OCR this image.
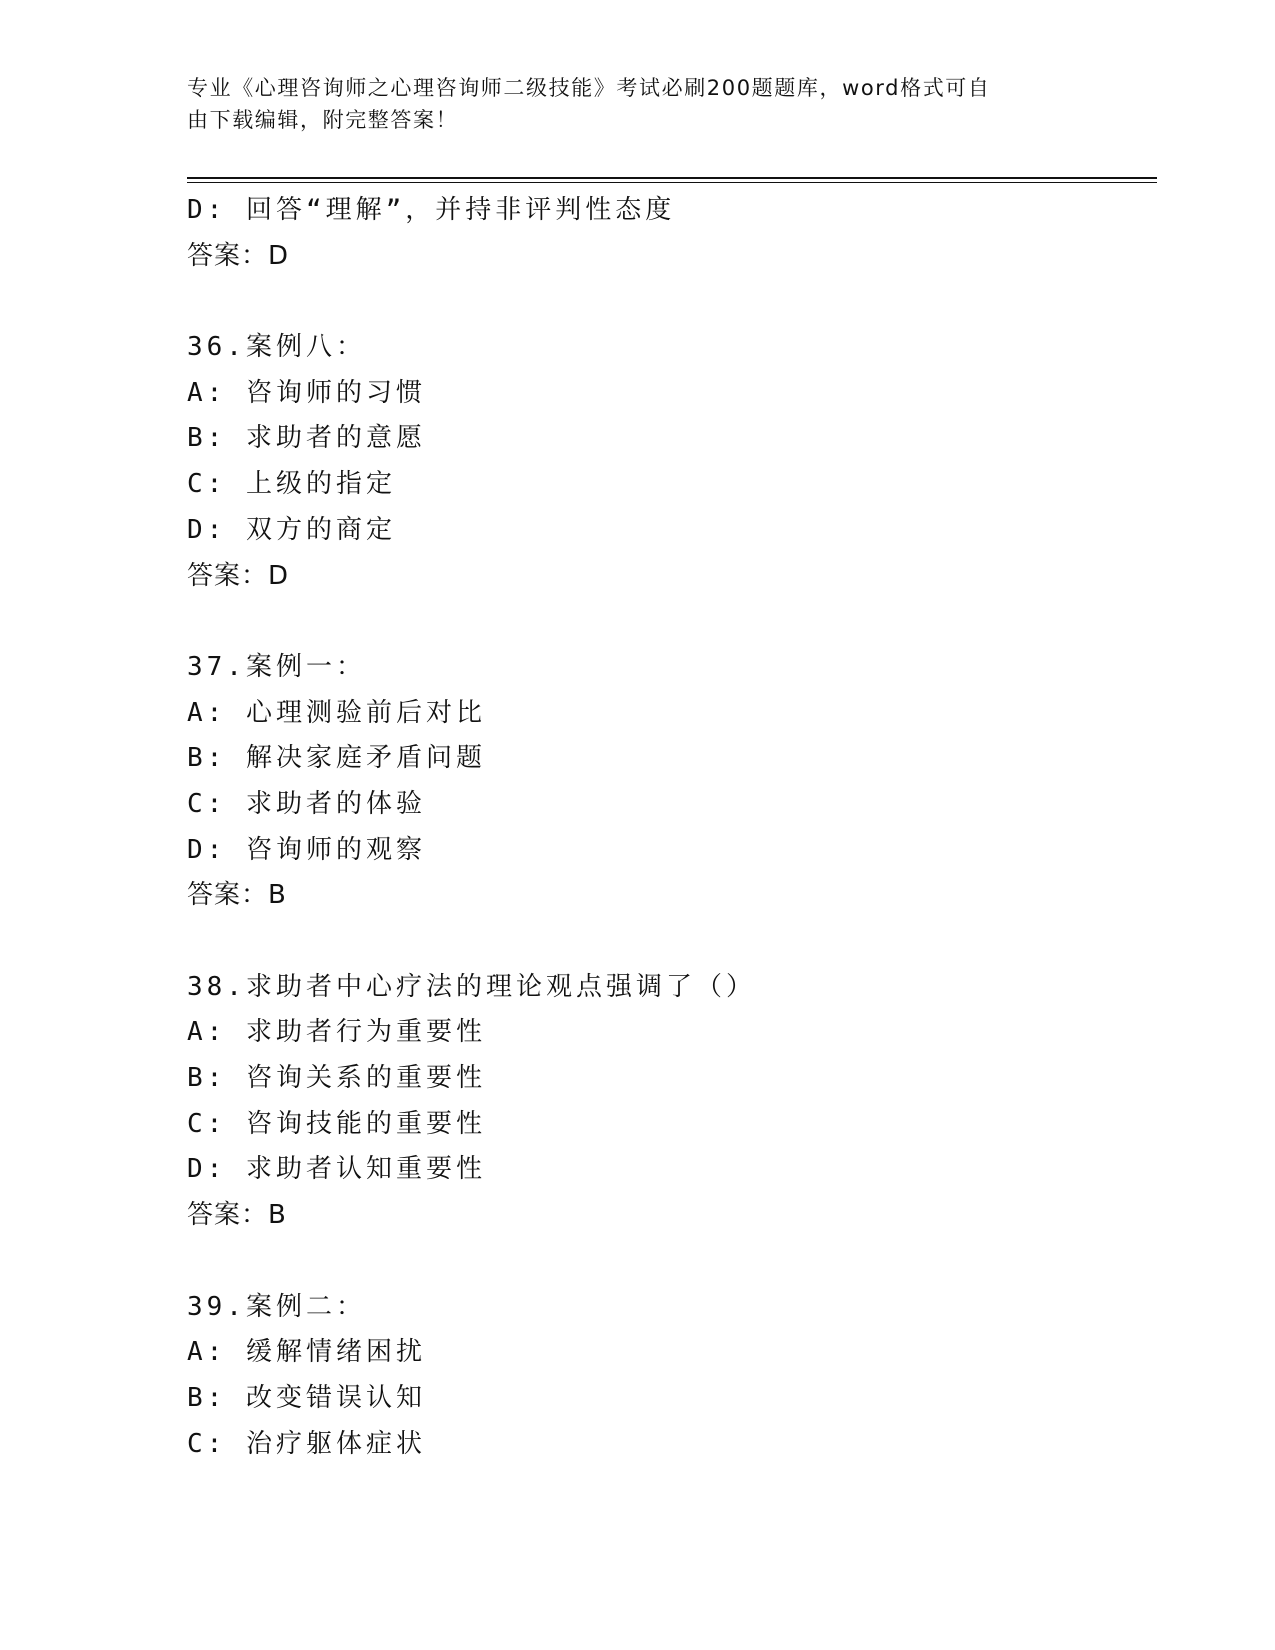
专业《心理咨询师之心理咨询师二级技能》考试必刷200题题库，word格式可自
由下载编辑，附完整答案！
D: 回答“理解”，并持非评判性态度
答案：D
36.案例八：
A: 咨询师的习惯
B: 求助者的意愿
C: 上级的指定
D: 双方的商定
答案：D
37.案例一：
A: 心理测验前后对比
B: 解决家庭矛盾问题
C: 求助者的体验
D: 咨询师的观察
答案：B
38.求助者中心疗法的理论观点强调了（）
A: 求助者行为重要性
B: 咨询关系的重要性
C: 咨询技能的重要性
D: 求助者认知重要性
答案：B
39.案例二：
A: 缓解情绪困扰
B: 改变错误认知
C: 治疗躯体症状
